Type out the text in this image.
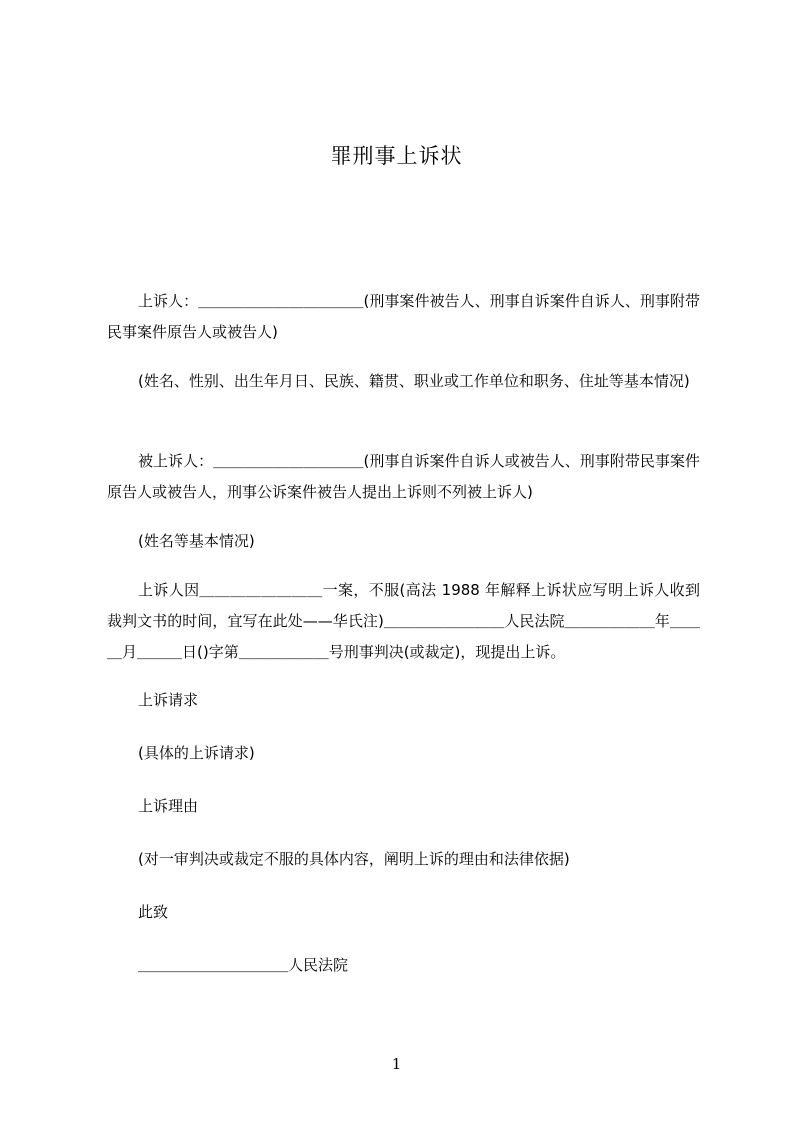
罪刑事上诉状

上诉人：＿＿＿＿＿＿＿＿＿＿＿(刑事案件被告人、刑事自诉案件自诉人、刑事附带民事案件原告人或被告人)

(姓名、性别、出生年月日、民族、籍贯、职业或工作单位和职务、住址等基本情况)

被上诉人：＿＿＿＿＿＿＿＿＿＿(刑事自诉案件自诉人或被告人、刑事附带民事案件原告人或被告人，刑事公诉案件被告人提出上诉则不列被上诉人)

(姓名等基本情况)

上诉人因＿＿＿＿＿＿＿＿一案，不服(高法 1988 年解释上诉状应写明上诉人收到裁判文书的时间，宜写在此处——华氏注)＿＿＿＿＿＿＿＿人民法院＿＿＿＿＿＿年＿＿＿月＿＿＿日()字第＿＿＿＿＿＿号刑事判决(或裁定)，现提出上诉。

上诉请求

(具体的上诉请求)

上诉理由

(对一审判决或裁定不服的具体内容，阐明上诉的理由和法律依据)

此致

＿＿＿＿＿＿＿＿＿＿人民法院

1
